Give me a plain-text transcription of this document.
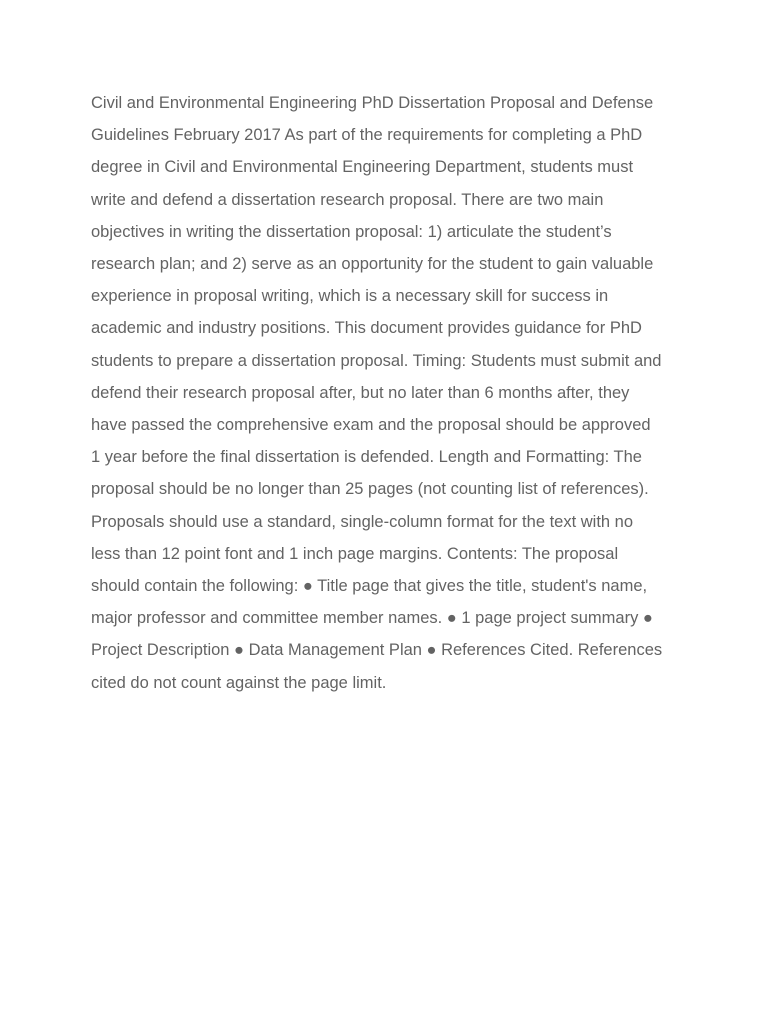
Civil and Environmental Engineering PhD Dissertation Proposal and Defense
Guidelines February 2017 As part of the requirements for completing a PhD
degree in Civil and Environmental Engineering Department, students must
write and defend a dissertation research proposal. There are two main
objectives in writing the dissertation proposal: 1) articulate the student’s
research plan; and 2) serve as an opportunity for the student to gain valuable
experience in proposal writing, which is a necessary skill for success in
academic and industry positions. This document provides guidance for PhD
students to prepare a dissertation proposal. Timing: Students must submit and
defend their research proposal after, but no later than 6 months after, they
have passed the comprehensive exam and the proposal should be approved
1 year before the final dissertation is defended. Length and Formatting: The
proposal should be no longer than 25 pages (not counting list of references).
Proposals should use a standard, single-column format for the text with no
less than 12 point font and 1 inch page margins. Contents: The proposal
should contain the following: ● Title page that gives the title, student's name,
major professor and committee member names. ● 1 page project summary ●
Project Description ● Data Management Plan ● References Cited. References
cited do not count against the page limit.
